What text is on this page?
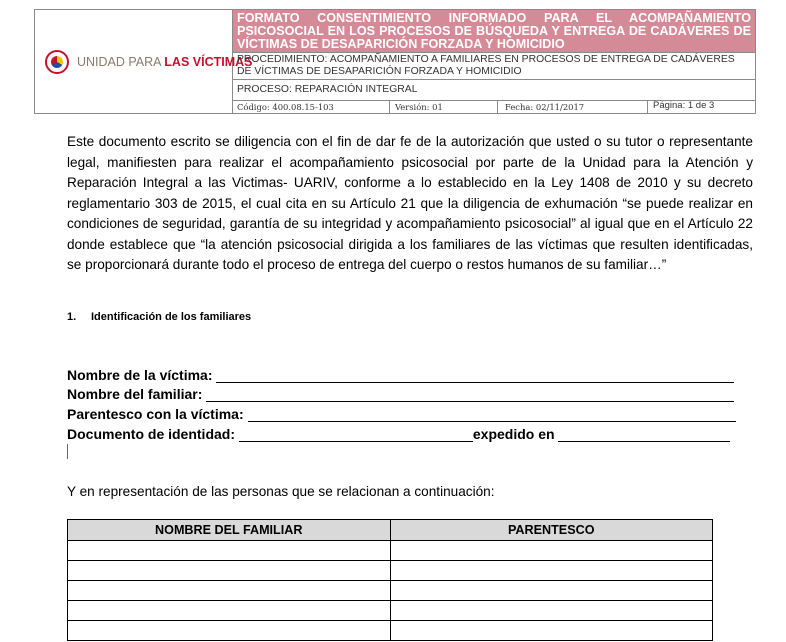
UNIDAD PARA LAS VÍCTIMAS
FORMATO CONSENTIMIENTO INFORMADO PARA EL ACOMPAÑAMIENTO PSICOSOCIAL EN LOS PROCESOS DE BÚSQUEDA Y ENTREGA DE CADÁVERES DE VÍCTIMAS DE DESAPARICIÓN FORZADA Y HOMICIDIO
PROCEDIMIENTO: ACOMPAÑAMIENTO A FAMILIARES EN PROCESOS DE ENTREGA DE CADÁVERES DE VÍCTIMAS DE DESAPARICIÓN FORZADA Y HOMICIDIO
PROCESO: REPARACIÓN INTEGRAL
Código: 400.08.15-103	Versión: 01	Fecha: 02/11/2017	Página: 1 de 3

Este documento escrito se diligencia con el fin de dar fe de la autorización que usted o su tutor o representante legal, manifiesten para realizar el acompañamiento psicosocial por parte de la Unidad para la Atención y Reparación Integral a las Victimas- UARIV, conforme a lo establecido en la Ley 1408 de 2010 y su decreto reglamentario 303 de 2015, el cual cita en su Artículo 21 que la diligencia de exhumación “se puede realizar en condiciones de seguridad, garantía de su integridad y acompañamiento psicosocial” al igual que en el Artículo 22 donde establece que “la atención psicosocial dirigida a los familiares de las víctimas que resulten identificadas, se proporcionará durante todo el proceso de entrega del cuerpo o restos humanos de su familiar…”

1. Identificación de los familiares
Nombre de la víctima:
Nombre del familiar:
Parentesco con la víctima:
Documento de identidad:	expedido en
Y en representación de las personas que se relacionan a continuación:
NOMBRE DEL FAMILIAR	PARENTESCO
